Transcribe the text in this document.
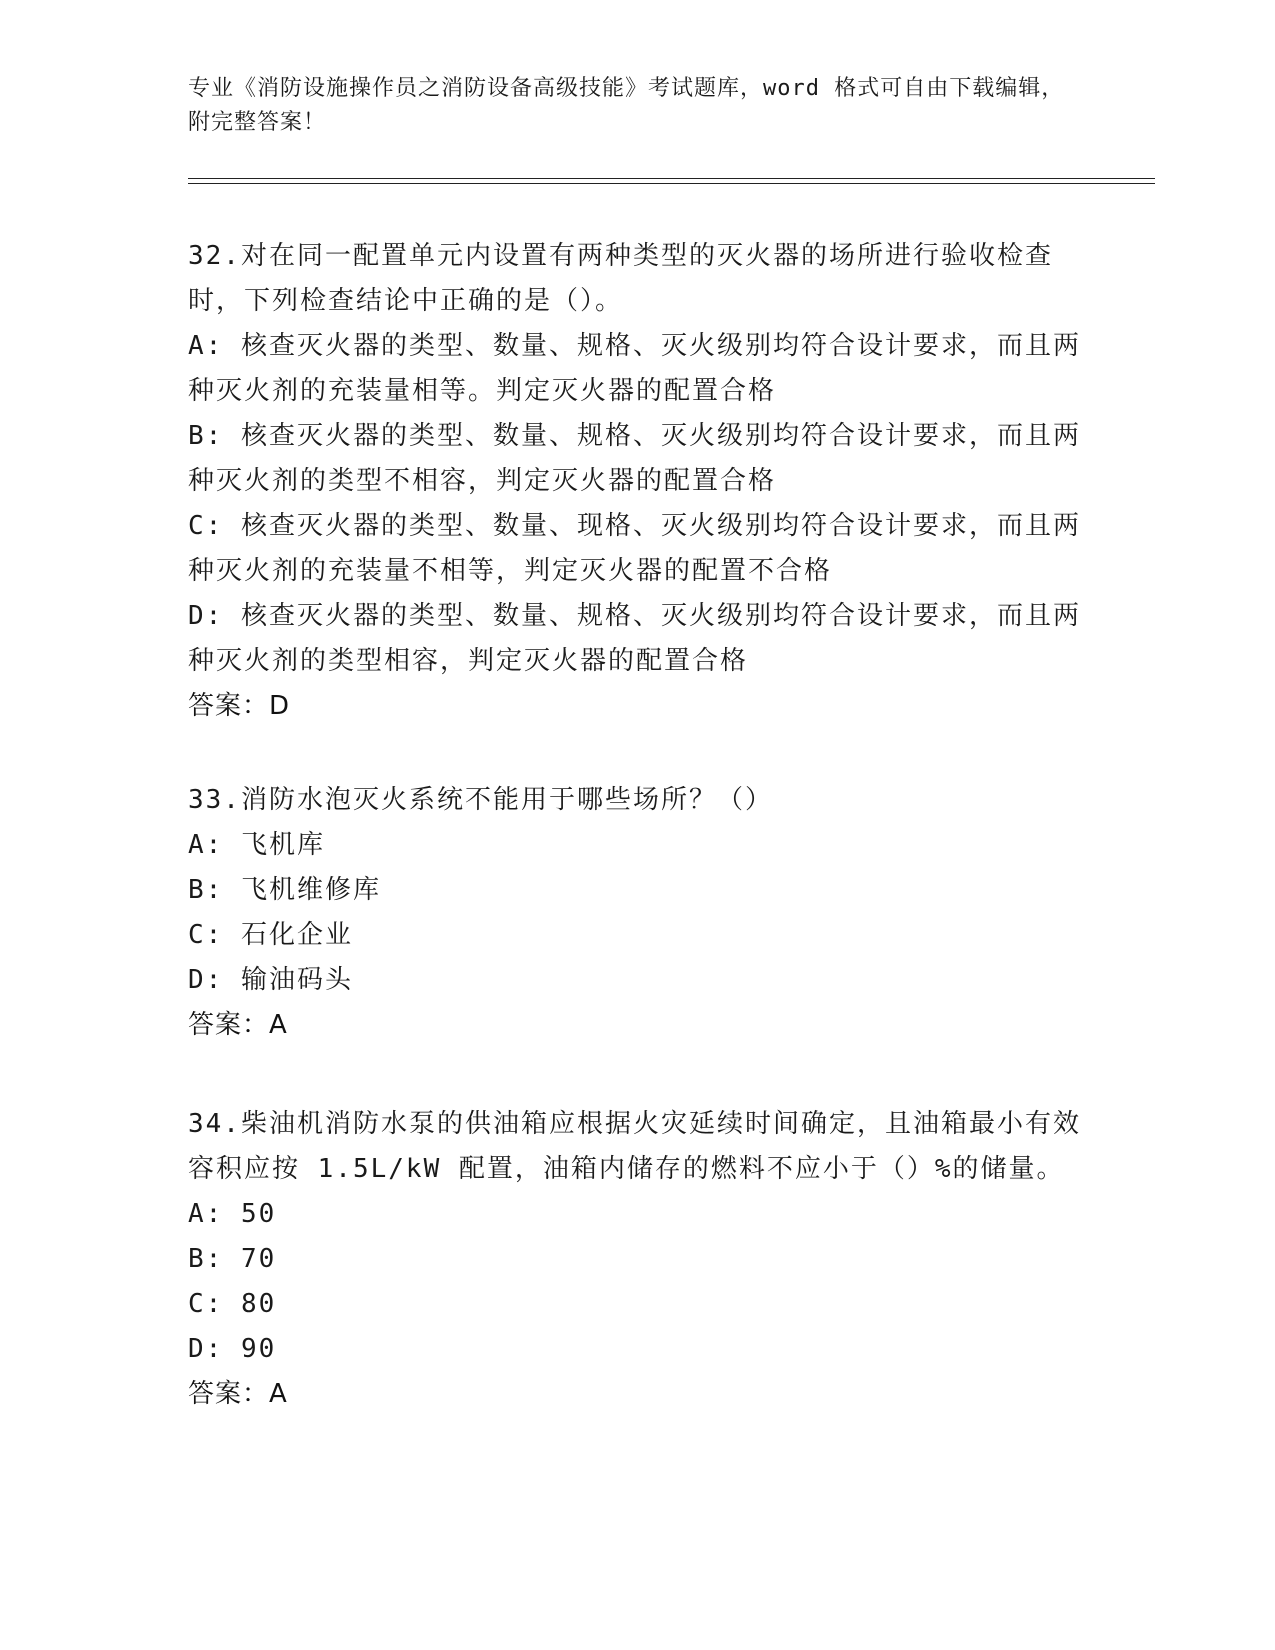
专业《消防设施操作员之消防设备高级技能》考试题库，word 格式可自由下载编辑，附完整答案！

32.对在同一配置单元内设置有两种类型的灭火器的场所进行验收检查时，下列检查结论中正确的是（）。

A: 核查灭火器的类型、数量、规格、灭火级别均符合设计要求，而且两种灭火剂的充装量相等。判定灭火器的配置合格

B: 核查灭火器的类型、数量、规格、灭火级别均符合设计要求，而且两种灭火剂的类型不相容，判定灭火器的配置合格

C: 核查灭火器的类型、数量、现格、灭火级别均符合设计要求，而且两种灭火剂的充装量不相等，判定灭火器的配置不合格

D: 核查灭火器的类型、数量、规格、灭火级别均符合设计要求，而且两种灭火剂的类型相容，判定灭火器的配置合格

答案：D

33.消防水泡灭火系统不能用于哪些场所？（）

A: 飞机库

B: 飞机维修库

C: 石化企业

D: 输油码头

答案：A

34.柴油机消防水泵的供油箱应根据火灾延续时间确定，且油箱最小有效容积应按 1.5L/kW 配置，油箱内储存的燃料不应小于（）%的储量。

A: 50

B: 70

C: 80

D: 90

答案：A
